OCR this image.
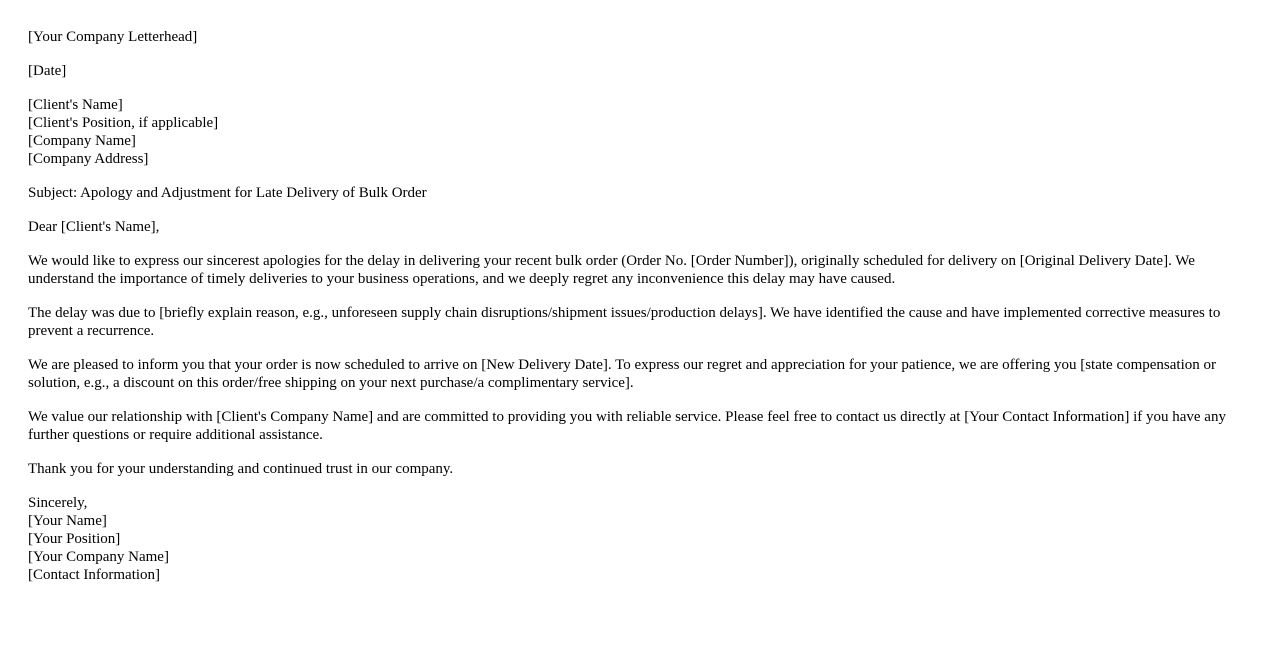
[Your Company Letterhead]
[Date]
[Client's Name]
[Client's Position, if applicable]
[Company Name]
[Company Address]
Subject: Apology and Adjustment for Late Delivery of Bulk Order
Dear [Client's Name],

We would like to express our sincerest apologies for the delay in delivering your recent bulk order (Order No. [Order Number]), originally scheduled for delivery on [Original Delivery Date]. We understand the importance of timely deliveries to your business operations, and we deeply regret any inconvenience this delay may have caused.

The delay was due to [briefly explain reason, e.g., unforeseen supply chain disruptions/shipment issues/production delays]. We have identified the cause and have implemented corrective measures to prevent a recurrence.

We are pleased to inform you that your order is now scheduled to arrive on [New Delivery Date]. To express our regret and appreciation for your patience, we are offering you [state compensation or solution, e.g., a discount on this order/free shipping on your next purchase/a complimentary service].

We value our relationship with [Client's Company Name] and are committed to providing you with reliable service. Please feel free to contact us directly at [Your Contact Information] if you have any further questions or require additional assistance.

Thank you for your understanding and continued trust in our company.

Sincerely,
[Your Name]
[Your Position]
[Your Company Name]
[Contact Information]
